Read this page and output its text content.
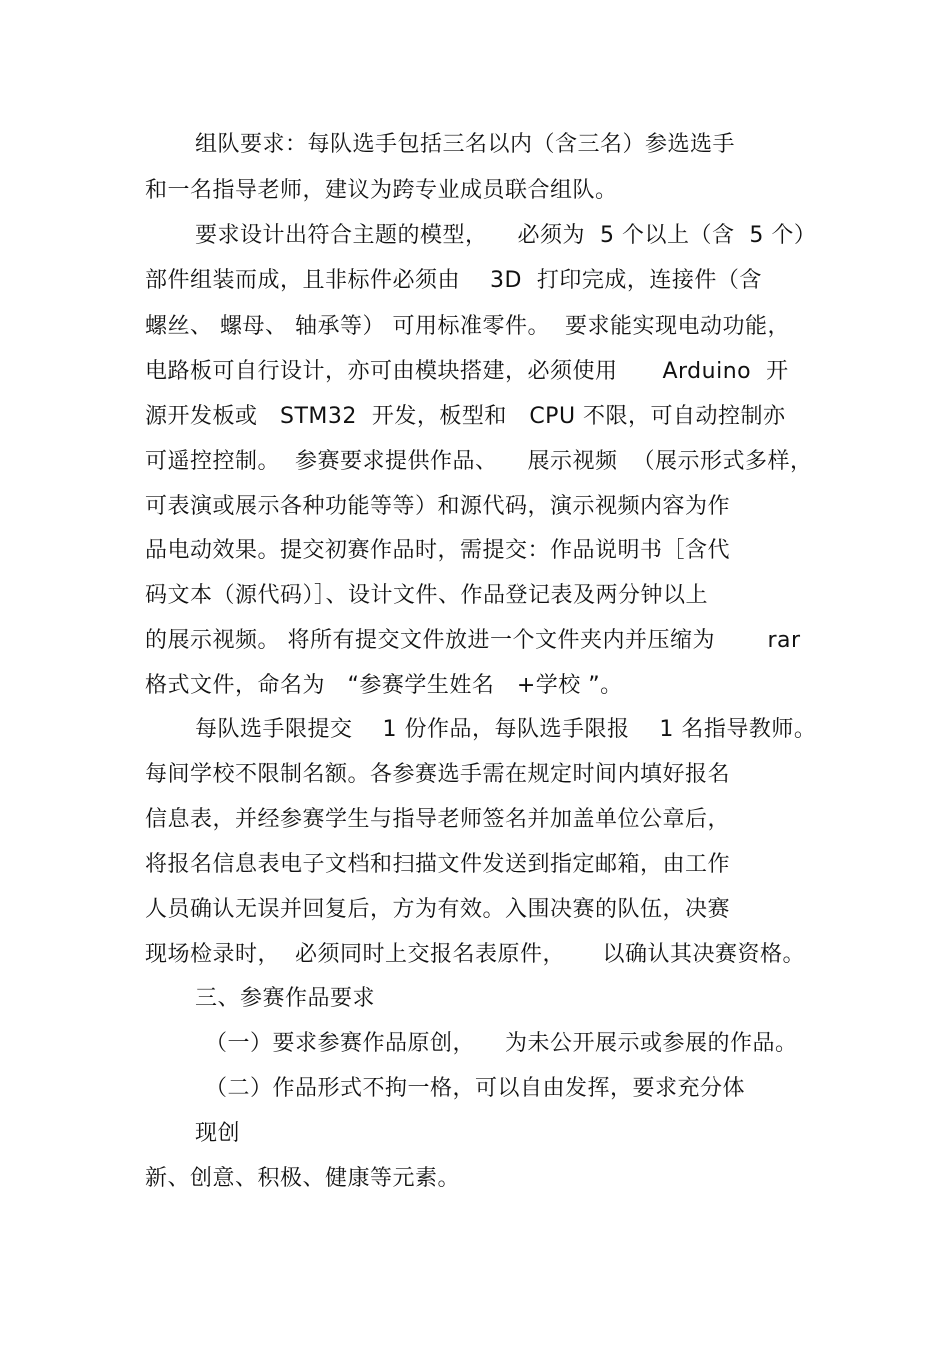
组队要求：每队选手包括三名以内（含三名）参选选手
和一名指导老师，建议为跨专业成员联合组队。
要求设计出符合主题的模型，    必须为  5 个以上（含  5 个）
部件组装而成，且非标件必须由    3D  打印完成，连接件（含
螺丝、 螺母、 轴承等） 可用标准零件。  要求能实现电动功能，
电路板可自行设计，亦可由模块搭建，必须使用      Arduino  开
源开发板或   STM32  开发，板型和   CPU 不限，可自动控制亦
可遥控控制。  参赛要求提供作品、    展示视频  （展示形式多样，
可表演或展示各种功能等等）和源代码，演示视频内容为作
品电动效果。提交初赛作品时，需提交：作品说明书［含代
码文本（源代码）］、设计文件、作品登记表及两分钟以上
的展示视频。 将所有提交文件放进一个文件夹内并压缩为       rar
格式文件，命名为   “参赛学生姓名   +学校 ”。
每队选手限提交    1 份作品，每队选手限报    1 名指导教师。
每间学校不限制名额。各参赛选手需在规定时间内填好报名
信息表，并经参赛学生与指导老师签名并加盖单位公章后，
将报名信息表电子文档和扫描文件发送到指定邮箱，由工作
人员确认无误并回复后，方为有效。入围决赛的队伍，决赛
现场检录时，  必须同时上交报名表原件，     以确认其决赛资格。
三、参赛作品要求
（一）要求参赛作品原创，    为未公开展示或参展的作品。
（二）作品形式不拘一格，可以自由发挥，要求充分体
现创
新、创意、积极、健康等元素。
